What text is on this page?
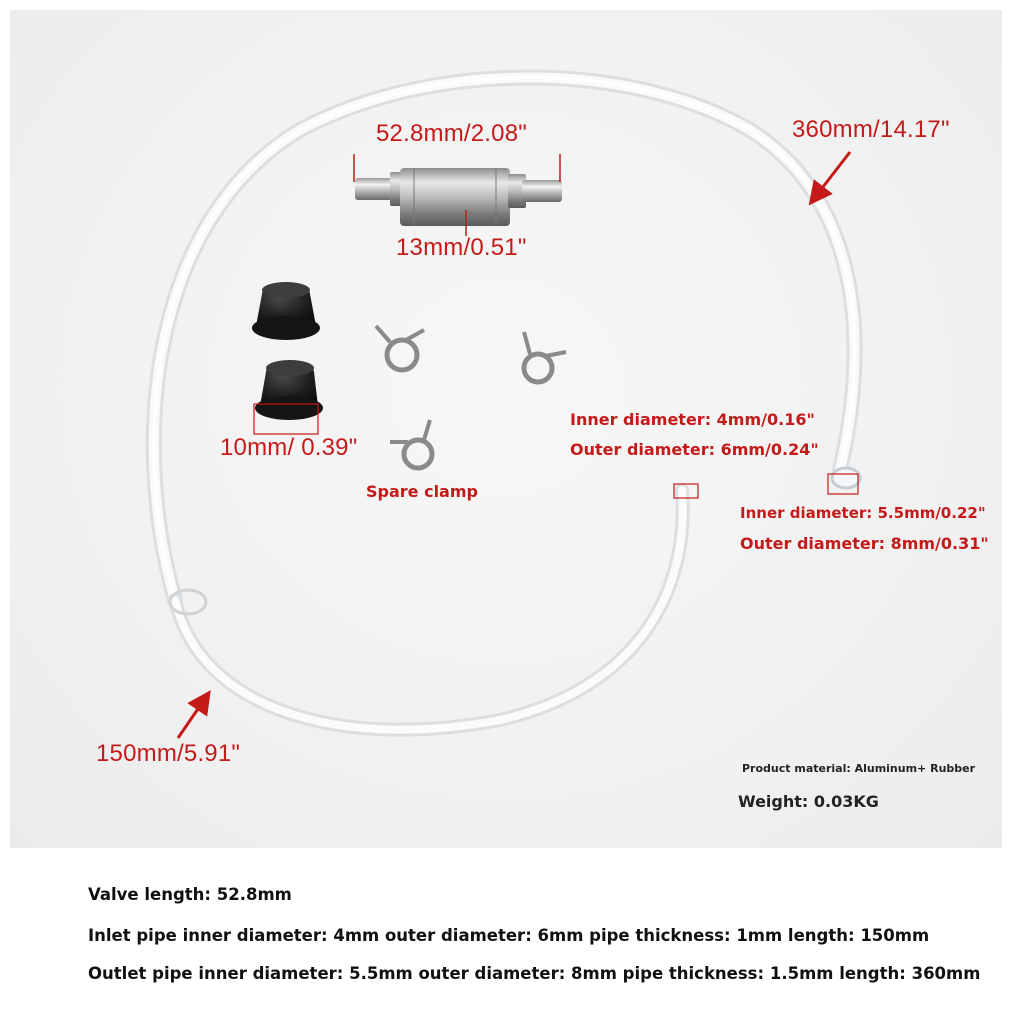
52.8mm/2.08"
13mm/0.51"
360mm/14.17"
150mm/5.91"
10mm/ 0.39"
Spare clamp
Inner diameter: 4mm/0.16"
Outer diameter: 6mm/0.24"
Inner diameter: 5.5mm/0.22"
Outer diameter: 8mm/0.31"
Product material: Aluminum+ Rubber
Weight: 0.03KG
Valve length: 52.8mm
Inlet pipe inner diameter: 4mm outer diameter: 6mm pipe thickness: 1mm length: 150mm
Outlet pipe inner diameter: 5.5mm outer diameter: 8mm pipe thickness: 1.5mm length: 360mm
